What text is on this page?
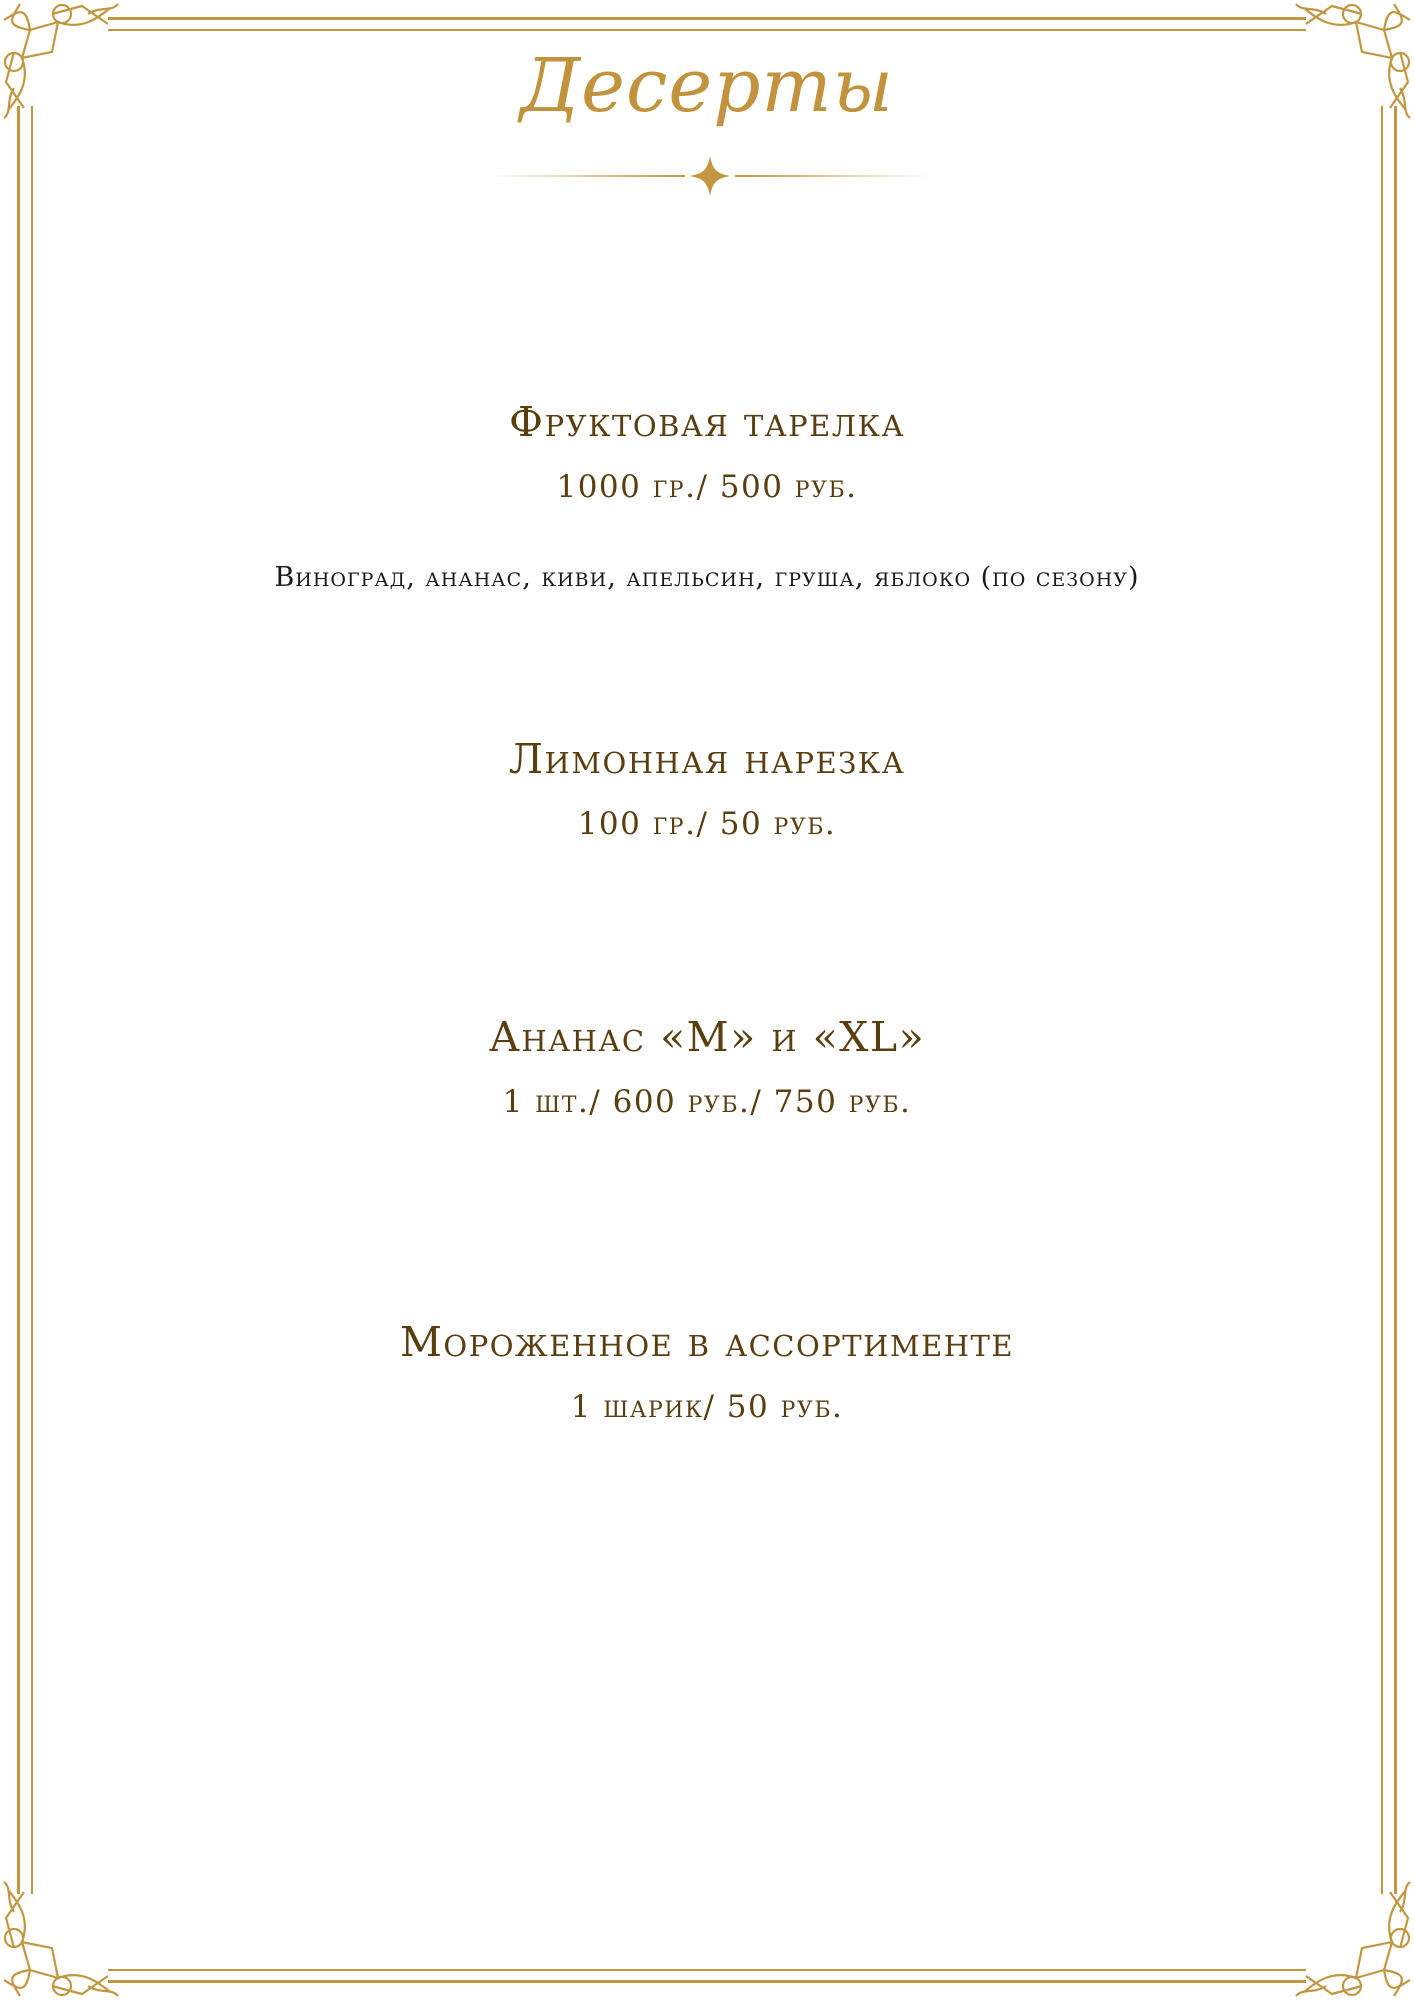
Десерты
Фруктовая тарелка
1000 гр./ 500 руб.
Виноград, ананас, киви, апельсин, груша, яблоко (по сезону)
Лимонная нарезка
100 гр./ 50 руб.
Ананас «М» и «XL»
1 шт./ 600 руб./ 750 руб.
Мороженное в ассортименте
1 шарик/ 50 руб.
